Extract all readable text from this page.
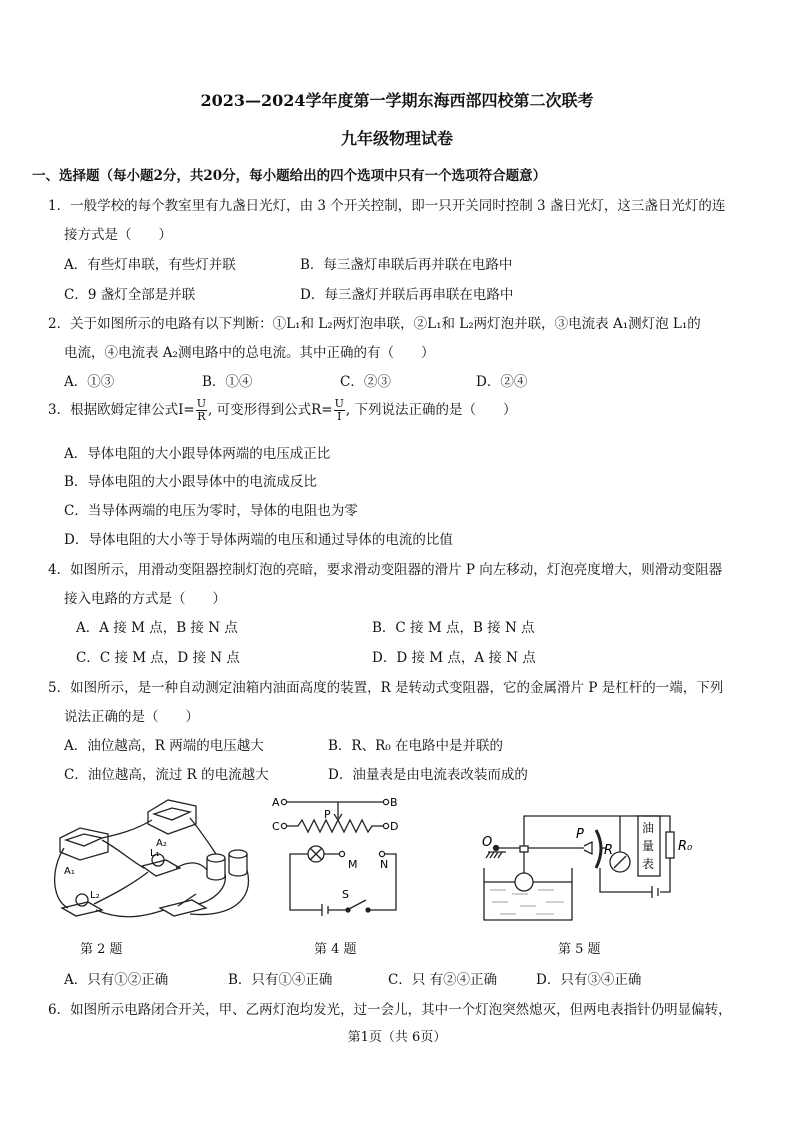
2023—2024学年度第一学期东海西部四校第二次联考
九年级物理试卷
一、选择题（每小题2分，共20分，每小题给出的四个选项中只有一个选项符合题意）
1．一般学校的每个教室里有九盏日光灯，由 3 个开关控制，即一只开关同时控制 3 盏日光灯，这三盏日光灯的连
接方式是（　　）
A．有些灯串联，有些灯并联	B．每三盏灯串联后再并联在电路中
C．9 盏灯全部是并联	D．每三盏灯并联后再串联在电路中
2．关于如图所示的电路有以下判断：①L₁和 L₂两灯泡串联，②L₁和 L₂两灯泡并联，③电流表 A₁测灯泡 L₁的
电流，④电流表 A₂测电路中的总电流。其中正确的有（　　）
A．①③	B．①④	C．②③	D．②④
3．根据欧姆定律公式$I= \frac{U}{R}$ , 可变形得到公式$R= \frac{U}{I}$ , 下列说法正确的是（　　）
A．导体电阻的大小跟导体两端的电压成正比
B．导体电阻的大小跟导体中的电流成反比
C．当导体两端的电压为零时，导体的电阻也为零
D．导体电阻的大小等于导体两端的电压和通过导体的电流的比值
4．如图所示，用滑动变阻器控制灯泡的亮暗，要求滑动变阻器的滑片 P 向左移动，灯泡亮度增大，则滑动变阻器
接入电路的方式是（　　）
A．A 接 M 点，B 接 N 点	B．C 接 M 点，B 接 N 点
C．C 接 M 点，D 接 N 点	D．D 接 M 点，A 接 N 点
5．如图所示，是一种自动测定油箱内油面高度的装置，R 是转动式变阻器，它的金属滑片 P 是杠杆的一端，下列
说法正确的是（　　）
A．油位越高，R 两端的电压越大	B．R、R₀ 在电路中是并联的
C．油位越高，流过 R 的电流越大	D．油量表是由电流表改装而成的
A₁
A₂
L₁
L₂
A	B
C	D
P
M N
S
O
P
R	R₀
油
量
表
第 2 题	第 4 题	第 5 题
A．只有①②正确	B．只有①④正确	C．只 有②④正确	D．只有③④正确
6．如图所示电路闭合开关，甲、乙两灯泡均发光，过一会儿，其中一个灯泡突然熄灭，但两电表指针仍明显偏转，
第1页（共 6页）
